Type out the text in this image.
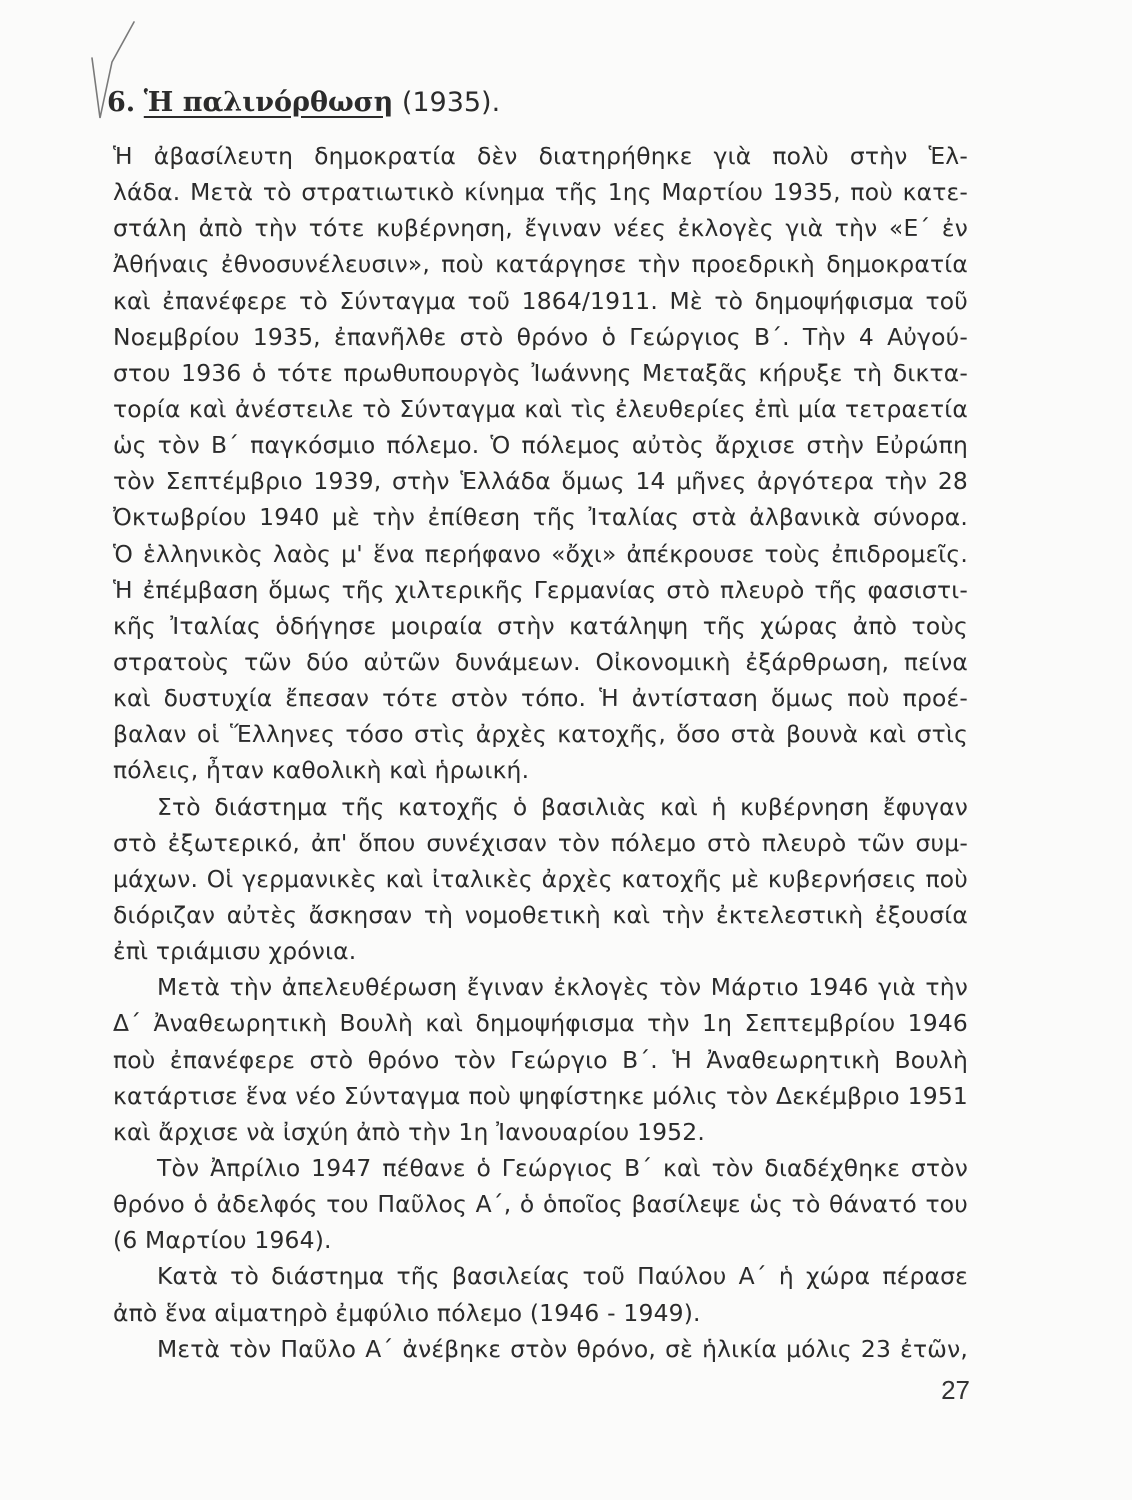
6. Ἡ παλινόρθωση (1935).
Ἡ ἀβασίλευτη δημοκρατία δὲν διατηρήθηκε γιὰ πολὺ στὴν Ἑλ-
λάδα. Μετὰ τὸ στρατιωτικὸ κίνημα τῆς 1ης Μαρτίου 1935, ποὺ κατε-
στάλη ἀπὸ τὴν τότε κυβέρνηση, ἔγιναν νέες ἐκλογὲς γιὰ τὴν «Ε΄ ἐν
Ἀθήναις ἐθνοσυνέλευσιν», ποὺ κατάργησε τὴν προεδρικὴ δημοκρατία
καὶ ἐπανέφερε τὸ Σύνταγμα τοῦ 1864/1911. Μὲ τὸ δημοψήφισμα τοῦ
Νοεμβρίου 1935, ἐπανῆλθε στὸ θρόνο ὁ Γεώργιος Β΄. Τὴν 4 Αὐγού-
στου 1936 ὁ τότε πρωθυπουργὸς Ἰωάννης Μεταξᾶς κήρυξε τὴ δικτα-
τορία καὶ ἀνέστειλε τὸ Σύνταγμα καὶ τὶς ἐλευθερίες ἐπὶ μία τετραετία
ὡς τὸν Β΄ παγκόσμιο πόλεμο. Ὁ πόλεμος αὐτὸς ἄρχισε στὴν Εὐρώπη
τὸν Σεπτέμβριο 1939, στὴν Ἑλλάδα ὅμως 14 μῆνες ἀργότερα τὴν 28
Ὀκτωβρίου 1940 μὲ τὴν ἐπίθεση τῆς Ἰταλίας στὰ ἀλβανικὰ σύνορα.
Ὁ ἑλληνικὸς λαὸς μ' ἕνα περήφανο «ὄχι» ἀπέκρουσε τοὺς ἐπιδρομεῖς.
Ἡ ἐπέμβαση ὅμως τῆς χιλτερικῆς Γερμανίας στὸ πλευρὸ τῆς φασιστι-
κῆς Ἰταλίας ὁδήγησε μοιραία στὴν κατάληψη τῆς χώρας ἀπὸ τοὺς
στρατοὺς τῶν δύο αὐτῶν δυνάμεων. Οἰκονομικὴ ἐξάρθρωση, πείνα
καὶ δυστυχία ἔπεσαν τότε στὸν τόπο. Ἡ ἀντίσταση ὅμως ποὺ προέ-
βαλαν οἱ Ἕλληνες τόσο στὶς ἀρχὲς κατοχῆς, ὅσο στὰ βουνὰ καὶ στὶς
πόλεις, ἦταν καθολικὴ καὶ ἡρωική.
Στὸ διάστημα τῆς κατοχῆς ὁ βασιλιὰς καὶ ἡ κυβέρνηση ἔφυγαν
στὸ ἐξωτερικό, ἀπ' ὅπου συνέχισαν τὸν πόλεμο στὸ πλευρὸ τῶν συμ-
μάχων. Οἱ γερμανικὲς καὶ ἰταλικὲς ἀρχὲς κατοχῆς μὲ κυβερνήσεις ποὺ
διόριζαν αὐτὲς ἄσκησαν τὴ νομοθετικὴ καὶ τὴν ἐκτελεστικὴ ἐξουσία
ἐπὶ τριάμισυ χρόνια.
Μετὰ τὴν ἀπελευθέρωση ἔγιναν ἐκλογὲς τὸν Μάρτιο 1946 γιὰ τὴν
Δ΄ Ἀναθεωρητικὴ Βουλὴ καὶ δημοψήφισμα τὴν 1η Σεπτεμβρίου 1946
ποὺ ἐπανέφερε στὸ θρόνο τὸν Γεώργιο Β΄. Ἡ Ἀναθεωρητικὴ Βουλὴ
κατάρτισε ἕνα νέο Σύνταγμα ποὺ ψηφίστηκε μόλις τὸν Δεκέμβριο 1951
καὶ ἄρχισε νὰ ἰσχύη ἀπὸ τὴν 1η Ἰανουαρίου 1952.
Τὸν Ἀπρίλιο 1947 πέθανε ὁ Γεώργιος Β΄ καὶ τὸν διαδέχθηκε στὸν
θρόνο ὁ ἀδελφός του Παῦλος Α΄, ὁ ὁποῖος βασίλεψε ὡς τὸ θάνατό του
(6 Μαρτίου 1964).
Κατὰ τὸ διάστημα τῆς βασιλείας τοῦ Παύλου Α΄ ἡ χώρα πέρασε
ἀπὸ ἕνα αἱματηρὸ ἐμφύλιο πόλεμο (1946 - 1949).
Μετὰ τὸν Παῦλο Α΄ ἀνέβηκε στὸν θρόνο, σὲ ἡλικία μόλις 23 ἐτῶν,
27
